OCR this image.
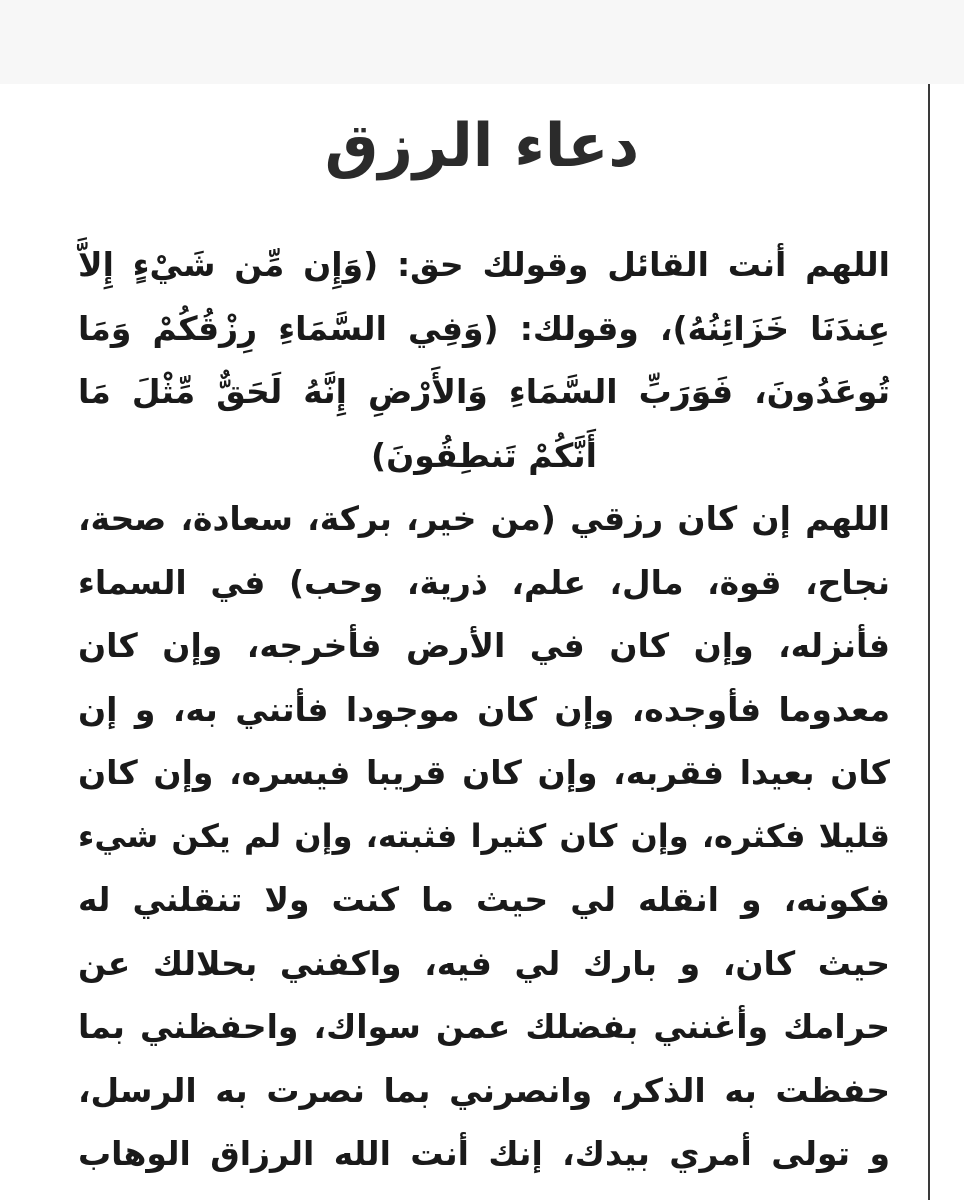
دعاء الرزق
اللهم أنت القائل وقولك حق: (وَإِن مِّن شَيْءٍ إِلاَّ
عِندَنَا خَزَائِنُهُ)، وقولك: (وَفِي السَّمَاءِ رِزْقُكُمْ وَمَا
تُوعَدُونَ، فَوَرَبِّ السَّمَاءِ وَالأَرْضِ إِنَّهُ لَحَقٌّ مِّثْلَ مَا
أَنَّكُمْ تَنطِقُونَ)
اللهم إن كان رزقي (من خير، بركة، سعادة، صحة،
نجاح، قوة، مال، علم، ذرية، وحب) في السماء
فأنزله، وإن كان في الأرض فأخرجه، وإن كان
معدوما فأوجده، وإن كان موجودا فأتني به، و إن
كان بعيدا فقربه، وإن كان قريبا فيسره، وإن كان
قليلا فكثره، وإن كان كثيرا فثبته، وإن لم يكن شيء
فكونه، و انقله لي حيث ما كنت ولا تنقلني له
حيث كان، و بارك لي فيه، واكفني بحلالك عن
حرامك وأغنني بفضلك عمن سواك، واحفظني بما
حفظت به الذكر، وانصرني بما نصرت به الرسل،
و تولى أمري بيدك، إنك أنت الله الرزاق الوهاب
